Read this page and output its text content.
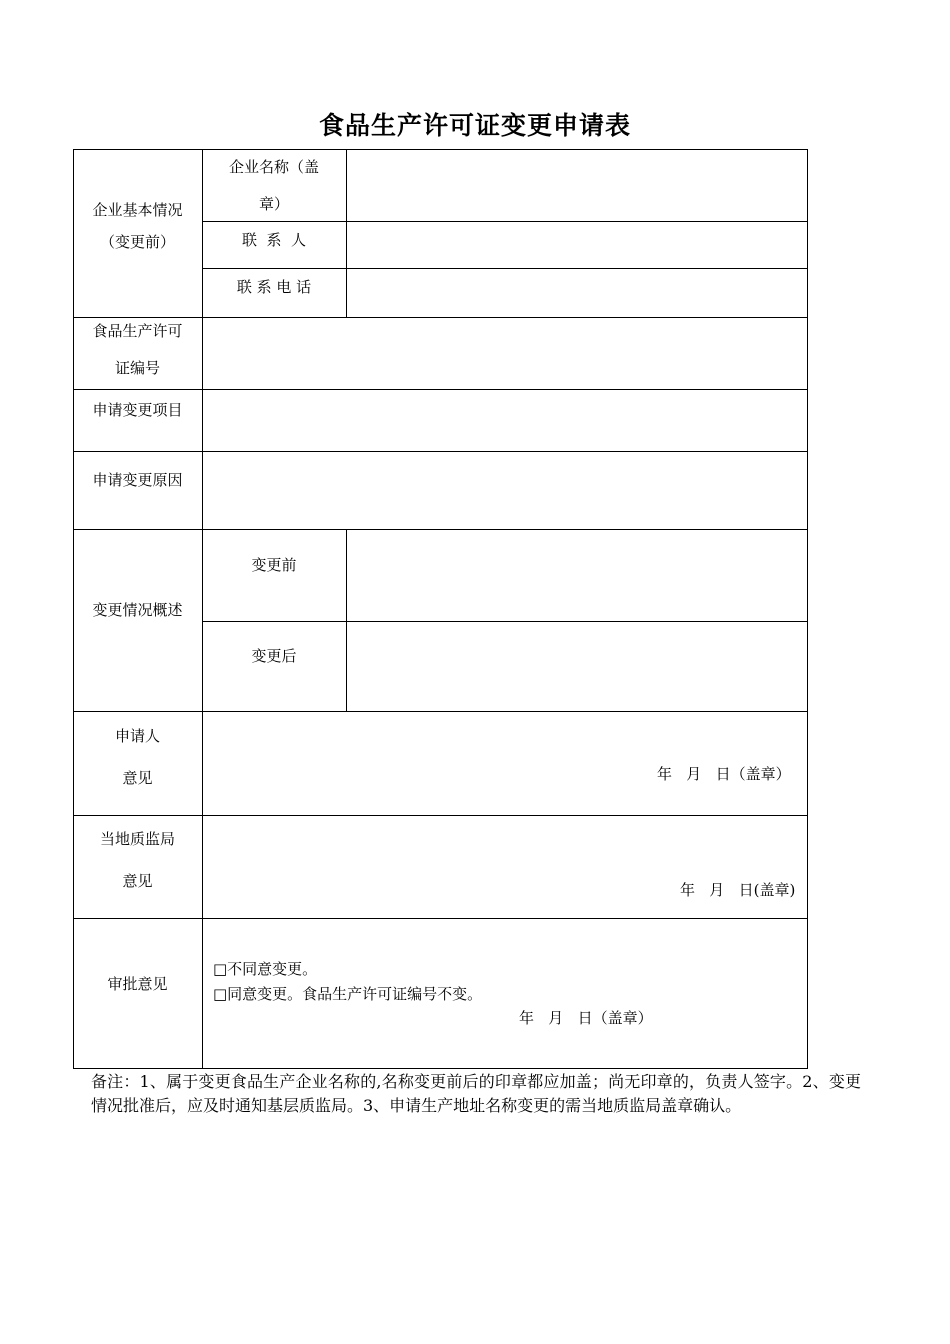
食品生产许可证变更申请表
企业基本情况
（变更前）
企业名称（盖
章）
联  系  人
联 系 电 话
食品生产许可
证编号
申请变更项目
申请变更原因
变更情况概述
变更前
变更后
申请人
意见	年   月   日（盖章）
当地质监局
意见	年   月   日(盖章)
审批意见
□不同意变更。
□同意变更。食品生产许可证编号不变。
年   月   日（盖章）
备注：1、属于变更食品生产企业名称的,名称变更前后的印章都应加盖；尚无印章的，负责人签字。2、变更情况批准后，应及时通知基层质监局。3、申请生产地址名称变更的需当地质监局盖章确认。
